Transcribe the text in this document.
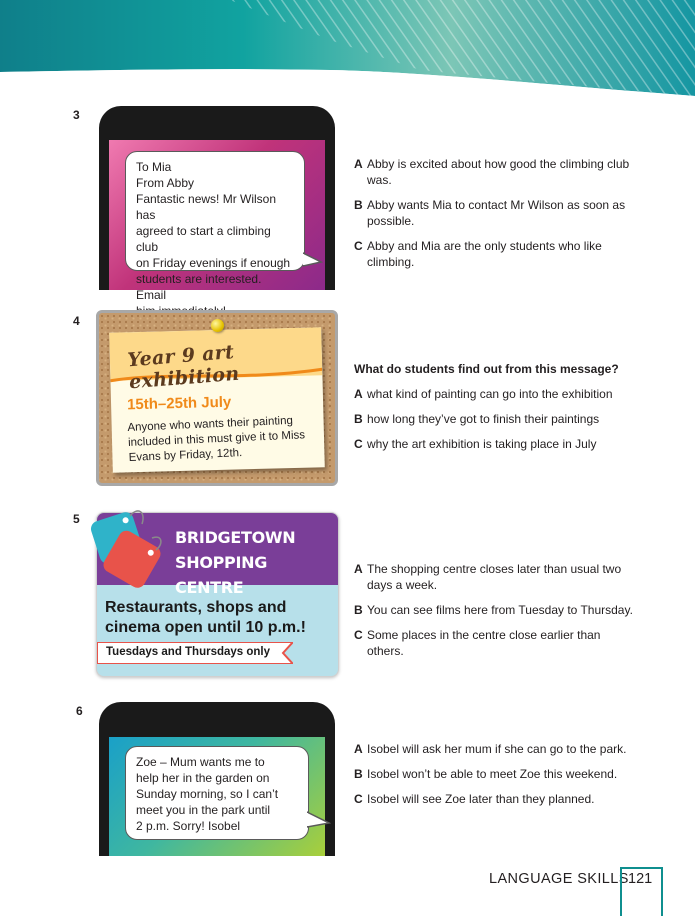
3
To Mia
From Abby
Fantastic news! Mr Wilson has
agreed to start a climbing club
on Friday evenings if enough
students are interested. Email
A Abby is excited about how good the climbing club was.
B Abby wants Mia to contact Mr Wilson as soon as possible.
C Abby and Mia are the only students who like climbing.
4
Year 9 art exhibition
15th–25th July
Anyone who wants their painting included in this must give it to Miss Evans by Friday, 12th.
What do students find out from this message?
A what kind of painting can go into the exhibition
B how long they’ve got to finish their paintings
C why the art exhibition is taking place in July
5
BRIDGETOWN
SHOPPING CENTRE
Restaurants, shops and
cinema open until 10 p.m.!
Tuesdays and Thursdays only
A The shopping centre closes later than usual two days a week.
B You can see films here from Tuesday to Thursday.
C Some places in the centre close earlier than others.
6
Zoe – Mum wants me to
help her in the garden on
Sunday morning, so I can’t
meet you in the park until
2 p.m. Sorry! Isobel
A Isobel will ask her mum if she can go to the park.
B Isobel won’t be able to meet Zoe this weekend.
C Isobel will see Zoe later than they planned.
LANGUAGE SKILLS 121
